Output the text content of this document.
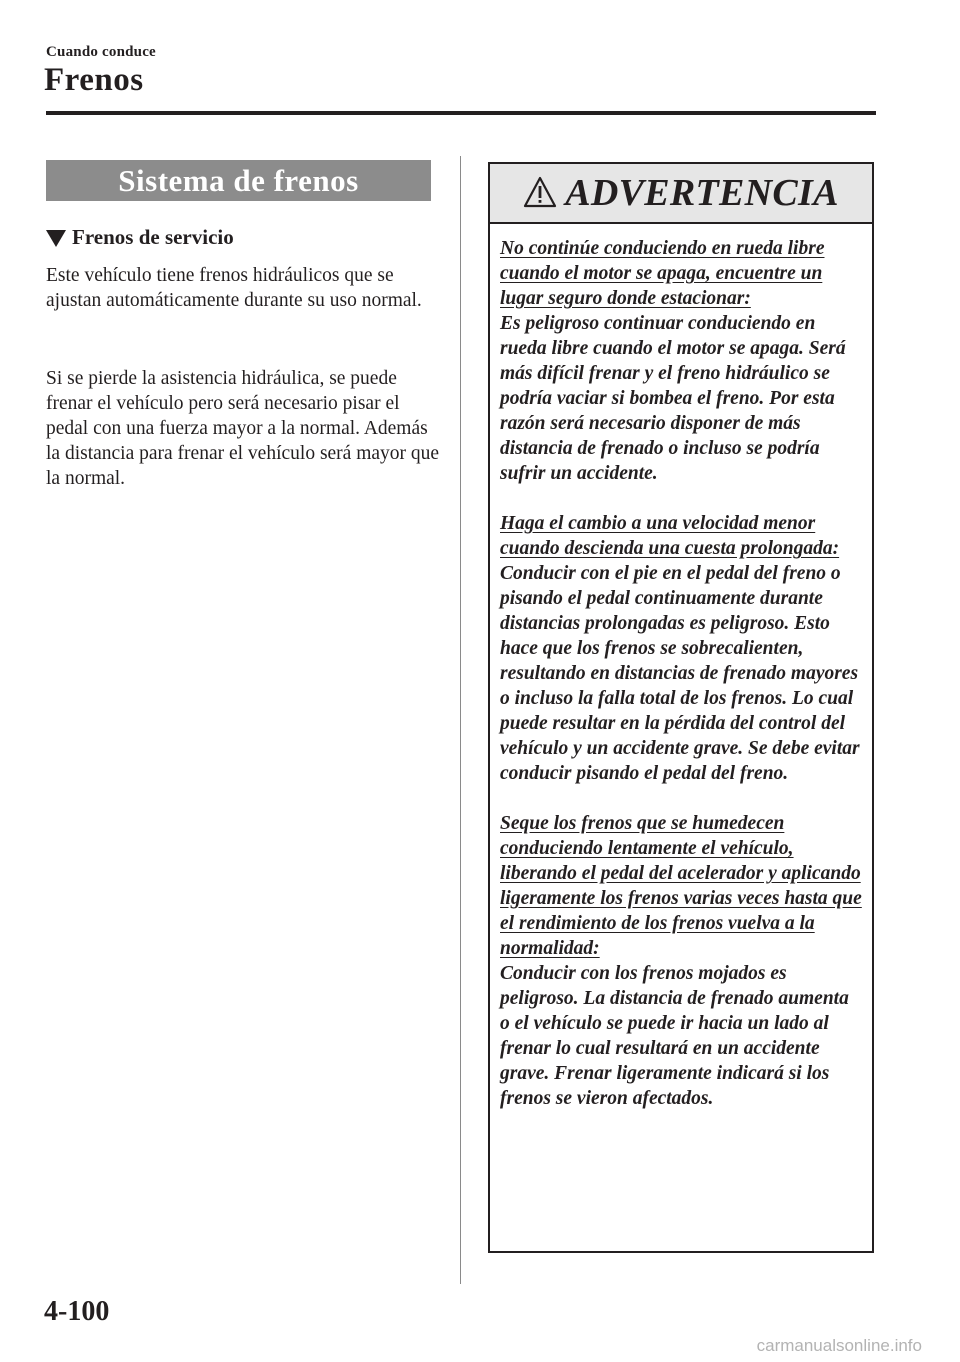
Cuando conduce
Frenos
Sistema de frenos
Frenos de servicio

Este vehículo tiene frenos hidráulicos que se ajustan automáticamente durante su uso normal.

Si se pierde la asistencia hidráulica, se puede frenar el vehículo pero será necesario pisar el pedal con una fuerza mayor a la normal. Además la distancia para frenar el vehículo será mayor que la normal.

ADVERTENCIA
No continúe conduciendo en rueda libre cuando el motor se apaga, encuentre un lugar seguro donde estacionar:
Es peligroso continuar conduciendo en rueda libre cuando el motor se apaga. Será más difícil frenar y el freno hidráulico se podría vaciar si bombea el freno. Por esta razón será necesario disponer de más distancia de frenado o incluso se podría sufrir un accidente.
Haga el cambio a una velocidad menor cuando descienda una cuesta prolongada:
Conducir con el pie en el pedal del freno o pisando el pedal continuamente durante distancias prolongadas es peligroso. Esto hace que los frenos se sobrecalienten, resultando en distancias de frenado mayores o incluso la falla total de los frenos. Lo cual puede resultar en la pérdida del control del vehículo y un accidente grave. Se debe evitar conducir pisando el pedal del freno.
Seque los frenos que se humedecen conduciendo lentamente el vehículo, liberando el pedal del acelerador y aplicando ligeramente los frenos varias veces hasta que el rendimiento de los frenos vuelva a la normalidad:
Conducir con los frenos mojados es peligroso. La distancia de frenado aumenta o el vehículo se puede ir hacia un lado al frenar lo cual resultará en un accidente grave. Frenar ligeramente indicará si los frenos se vieron afectados.
4-100
carmanualsonline.info
